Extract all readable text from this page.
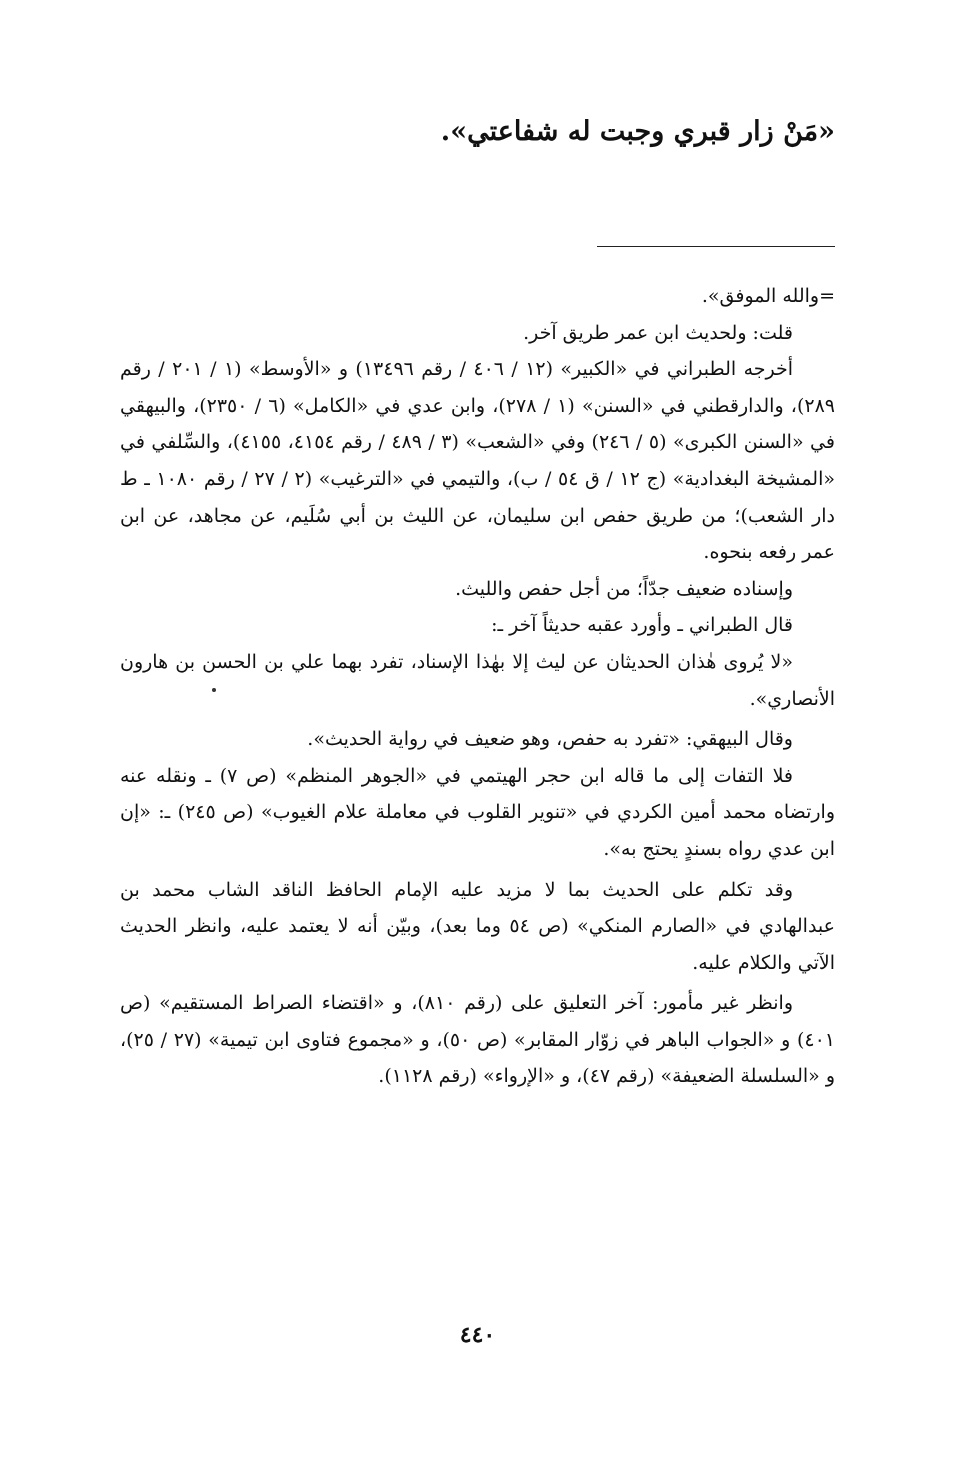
«مَنْ زار قبري وجبت له شفاعتي».

=والله الموفق».

قلت: ولحديث ابن عمر طريق آخر.

أخرجه الطبراني في «الكبير» (١٢ / ٤٠٦ / رقم ١٣٤٩٦) و «الأوسط» (١ / ٢٠١ / رقم ٢٨٩)، والدارقطني في «السنن» (١ / ٢٧٨)، وابن عدي في «الكامل» (٦ / ٢٣٥٠)، والبيهقي في «السنن الكبرى» (٥ / ٢٤٦) وفي «الشعب» (٣ / ٤٨٩ / رقم ٤١٥٤، ٤١٥٥)، والسِّلفي في «المشيخة البغدادية» (ج ١٢ / ق ٥٤ / ب)، والتيمي في «الترغيب» (٢ / ٢٧ / رقم ١٠٨٠ ـ ط دار الشعب)؛ من طريق حفص ابن سليمان، عن الليث بن أبي سُلَيم، عن مجاهد، عن ابن عمر رفعه بنحوه.

وإسناده ضعيف جدّاً؛ من أجل حفص والليث.

قال الطبراني ـ وأورد عقبه حديثاً آخر ـ:

«لا يُروى هٰذان الحديثان عن ليث إلا بهٰذا الإسناد، تفرد بهما علي بن الحسن بن هارون الأنصاري».

وقال البيهقي: «تفرد به حفص، وهو ضعيف في رواية الحديث».

فلا التفات إلى ما قاله ابن حجر الهيتمي في «الجوهر المنظم» (ص ٧) ـ ونقله عنه وارتضاه محمد أمين الكردي في «تنوير القلوب في معاملة علام الغيوب» (ص ٢٤٥) ـ: «إن ابن عدي رواه بسندٍ يحتج به».

وقد تكلم على الحديث بما لا مزيد عليه الإمام الحافظ الناقد الشاب محمد بن عبدالهادي في «الصارم المنكي» (ص ٥٤ وما بعد)، وبيّن أنه لا يعتمد عليه، وانظر الحديث الآتي والكلام عليه.

وانظر غير مأمور: آخر التعليق على (رقم ٨١٠)، و «اقتضاء الصراط المستقيم» (ص ٤٠١) و «الجواب الباهر في زوّار المقابر» (ص ٥٠)، و «مجموع فتاوى ابن تيمية» (٢٧ / ٢٥)، و «السلسلة الضعيفة» (رقم ٤٧)، و «الإرواء» (رقم ١١٢٨).

٤٤٠
